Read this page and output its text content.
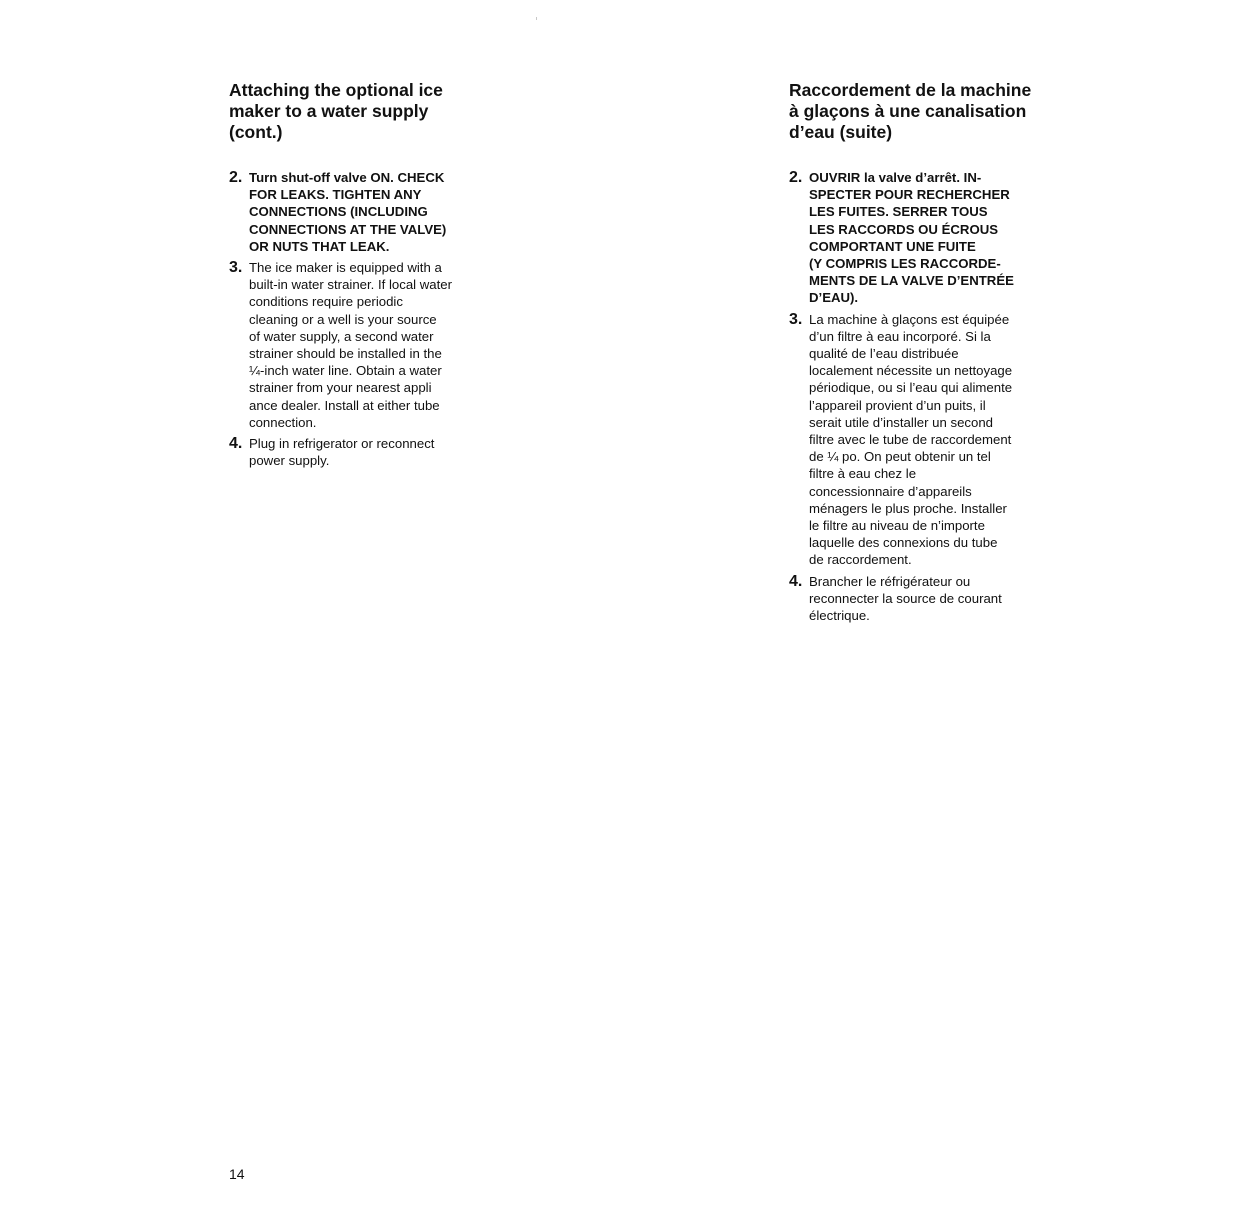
Attaching the optional ice
maker to a water supply
(cont.)
2. Turn shut-off valve ON. CHECK
FOR LEAKS. TIGHTEN ANY
CONNECTIONS (INCLUDING
CONNECTIONS AT THE VALVE)
OR NUTS THAT LEAK.
3. The ice maker is equipped with a
built-in water strainer. If local water
conditions require periodic
cleaning or a well is your source
of water supply, a second water
strainer should be installed in the
¼-inch water line. Obtain a water
strainer from your nearest appli
ance dealer. Install at either tube
connection.
4. Plug in refrigerator or reconnect
power supply.
Raccordement de la machine
à glaçons à une canalisation
d’eau (suite)
2. OUVRIR la valve d’arrêt. IN-
SPECTER POUR RECHERCHER
LES FUITES. SERRER TOUS
LES RACCORDS OU ÉCROUS
COMPORTANT UNE FUITE
(Y COMPRIS LES RACCORDE-
MENTS DE LA VALVE D’ENTRÉE
D’EAU).
3. La machine à glaçons est équipée
d’un filtre à eau incorporé. Si la
qualité de l’eau distribuée
localement nécessite un nettoyage
périodique, ou si l’eau qui alimente
l’appareil provient d’un puits, il
serait utile d’installer un second
filtre avec le tube de raccordement
de ¼ po. On peut obtenir un tel
filtre à eau chez le
concessionnaire d’appareils
ménagers le plus proche. Installer
le filtre au niveau de n’importe
laquelle des connexions du tube
de raccordement.
4. Brancher le réfrigérateur ou
reconnecter la source de courant
électrique.
14
